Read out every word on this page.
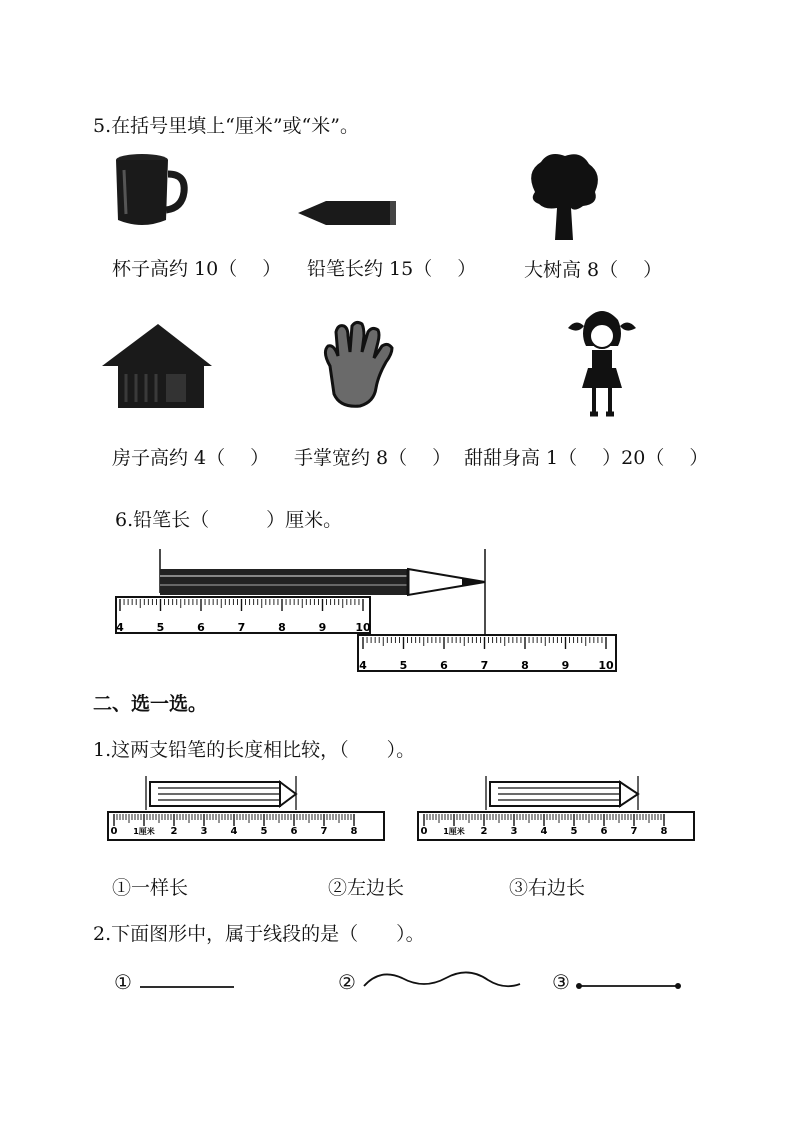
5.在括号里填上“厘米”或“米”。
杯子高约 10（　 ） 铅笔长约 15（　 ）	大树高 8（　 ）
房子高约 4（　 ） 手掌宽约 8（　 ） 甜甜身高 1（　 ）20（　 ）
6.铅笔长（　　　）厘米。
4	5	6	7	8	9	10
4	5	6	7	8	9	10
二、选一选。
1.这两支铅笔的长度相比较，（　　）。
0 1厘米 2 3 4 5 6 7 8	0 1厘米 2 3 4 5 6 7 8
①一样长	②左边长	③右边长
2.下面图形中，属于线段的是（　　）。
①	②	③
